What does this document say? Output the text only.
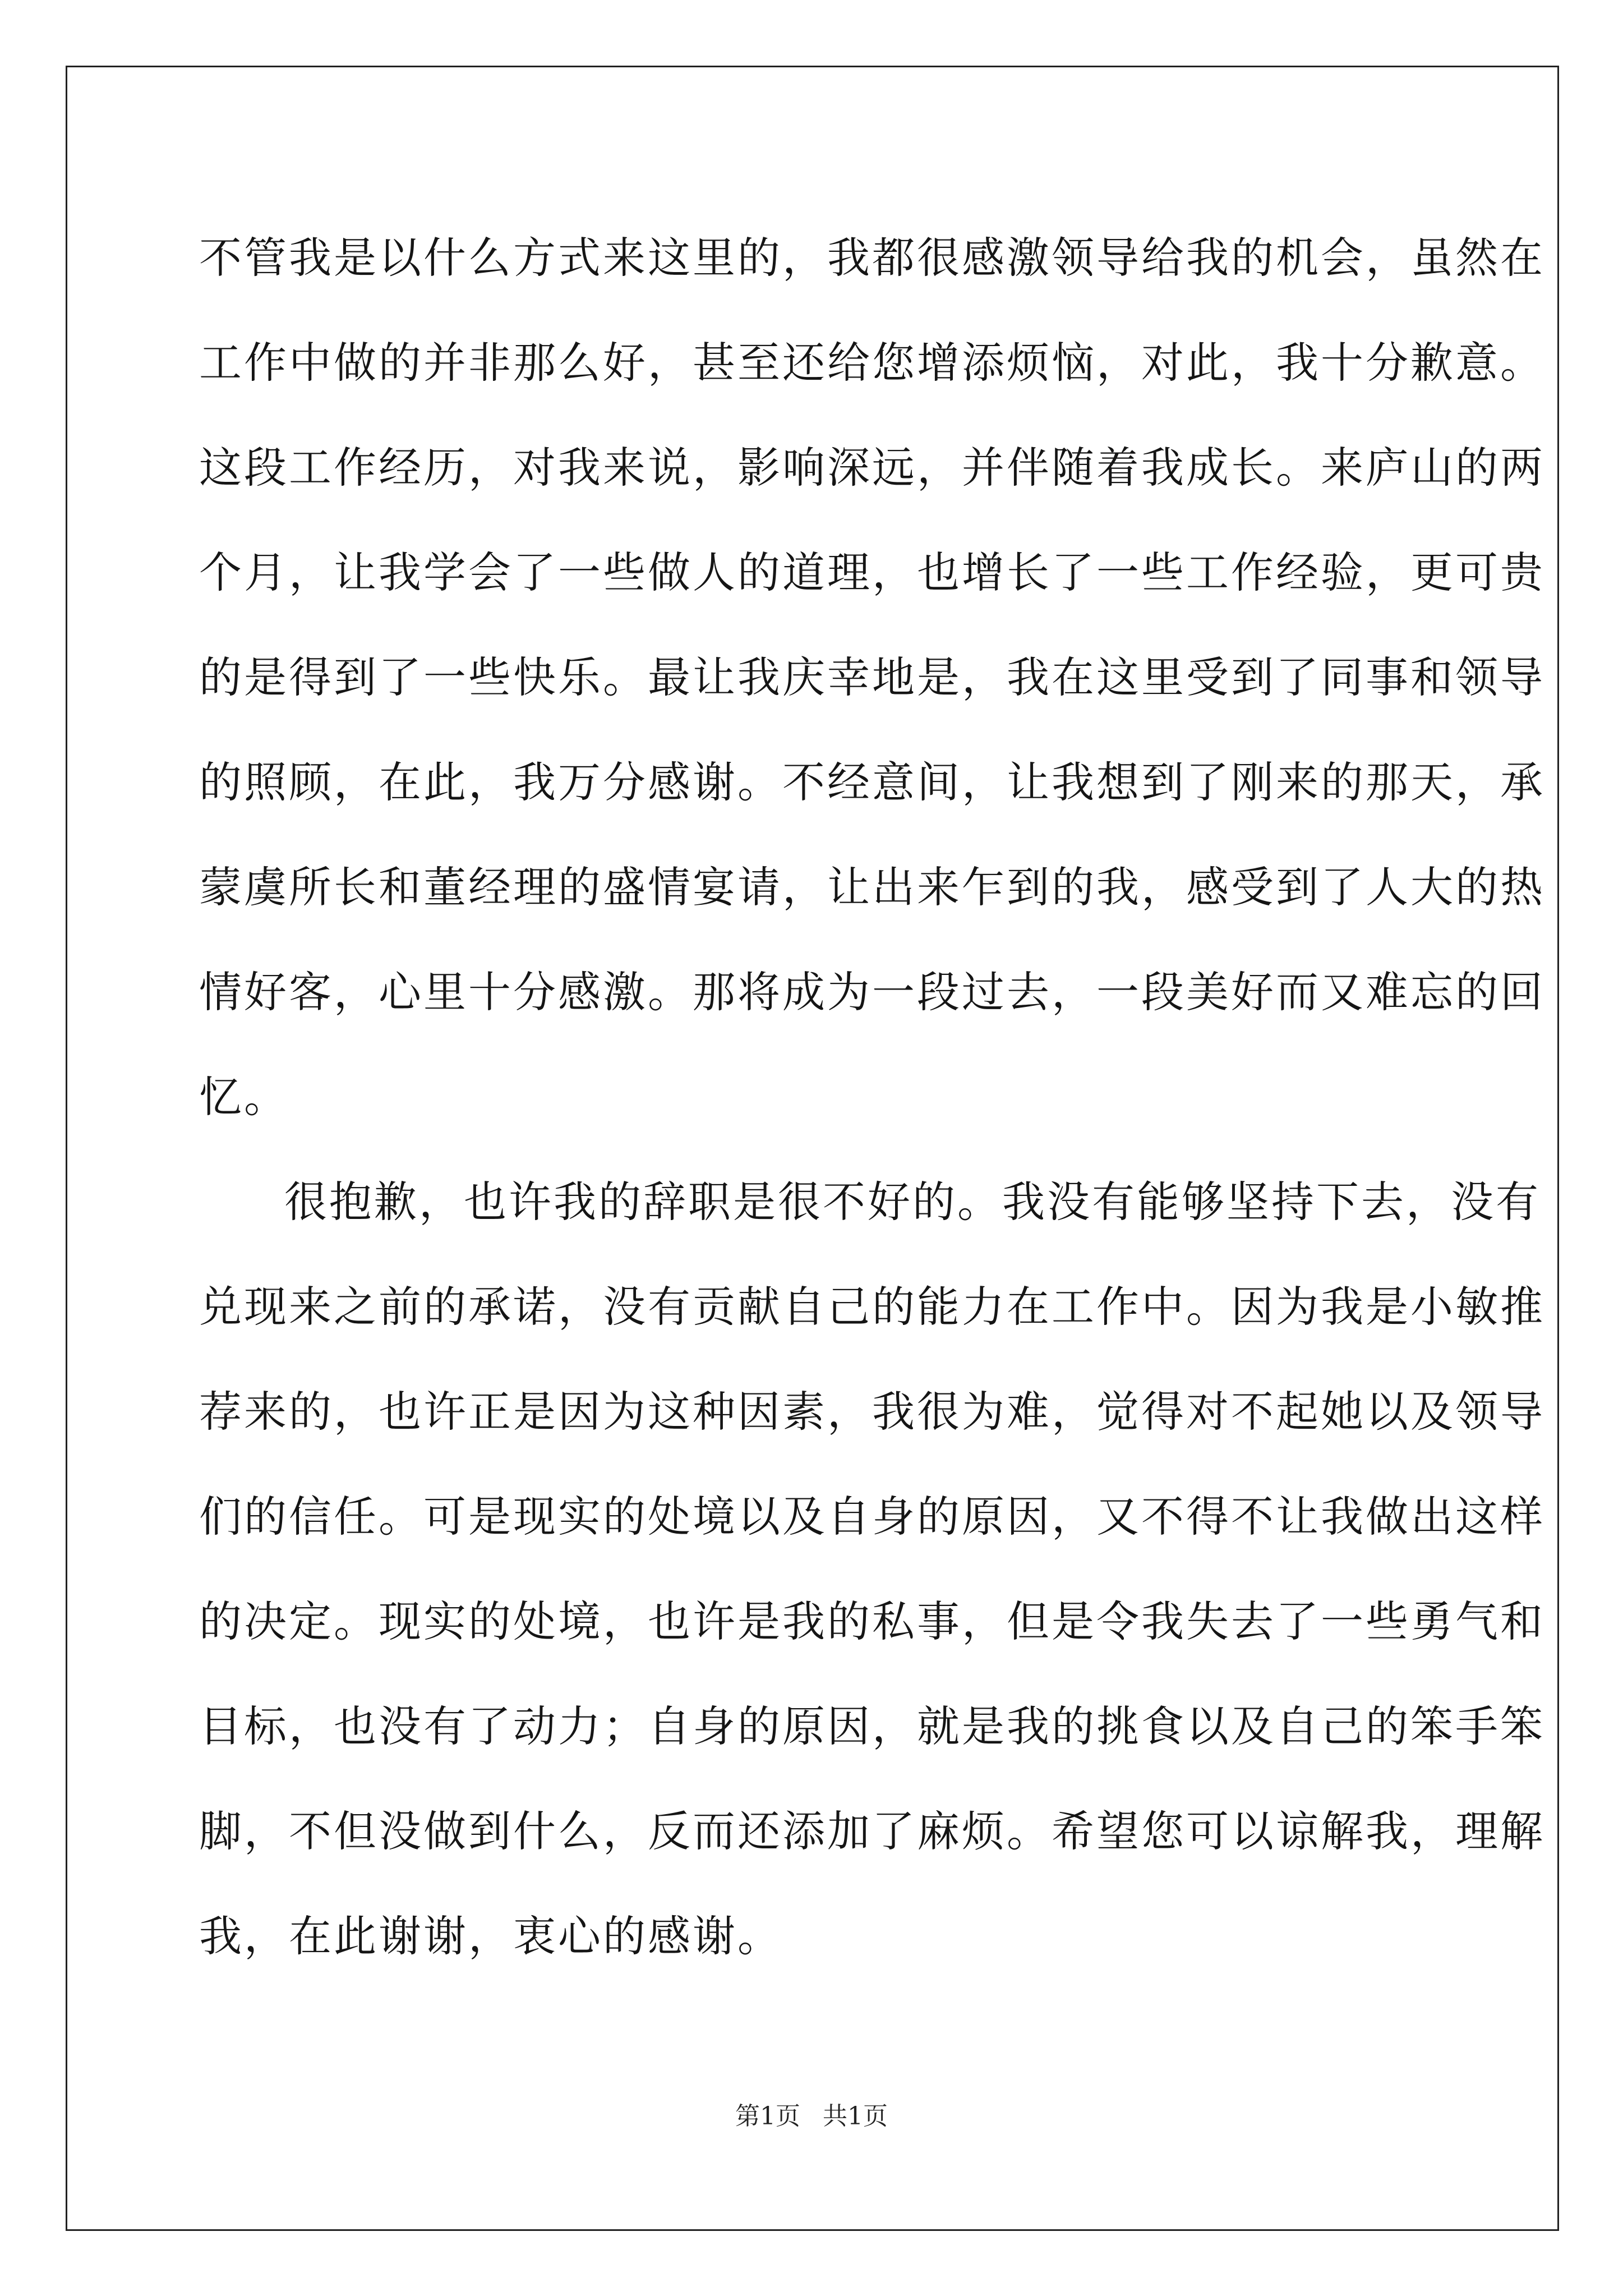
不管我是以什么方式来这里的，我都很感激领导给我的机会，虽然在
工作中做的并非那么好，甚至还给您增添烦恼，对此，我十分歉意。
这段工作经历，对我来说，影响深远，并伴随着我成长。来庐山的两
个月，让我学会了一些做人的道理，也增长了一些工作经验，更可贵
的是得到了一些快乐。最让我庆幸地是，我在这里受到了同事和领导
的照顾，在此，我万分感谢。不经意间，让我想到了刚来的那天，承
蒙虞所长和董经理的盛情宴请，让出来乍到的我，感受到了人大的热
情好客，心里十分感激。那将成为一段过去，一段美好而又难忘的回
忆。
很抱歉，也许我的辞职是很不好的。我没有能够坚持下去，没有
兑现来之前的承诺，没有贡献自己的能力在工作中。因为我是小敏推
荐来的，也许正是因为这种因素，我很为难，觉得对不起她以及领导
们的信任。可是现实的处境以及自身的原因，又不得不让我做出这样
的决定。现实的处境，也许是我的私事，但是令我失去了一些勇气和
目标，也没有了动力；自身的原因，就是我的挑食以及自己的笨手笨
脚，不但没做到什么，反而还添加了麻烦。希望您可以谅解我，理解
我，在此谢谢，衷心的感谢。
第1页 共1页
